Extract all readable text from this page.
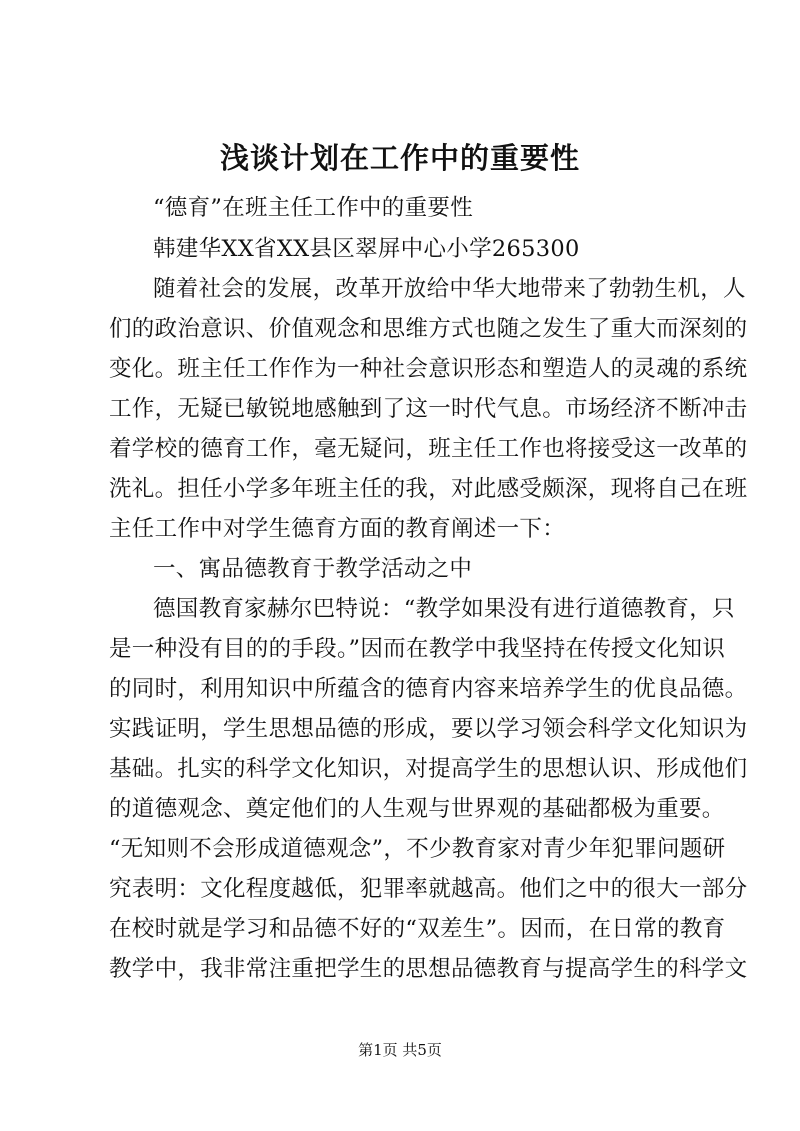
浅谈计划在工作中的重要性
“德育”在班主任工作中的重要性
韩建华XX省XX县区翠屏中心小学265300
随着社会的发展，改革开放给中华大地带来了勃勃生机，人
们的政治意识、价值观念和思维方式也随之发生了重大而深刻的
变化。班主任工作作为一种社会意识形态和塑造人的灵魂的系统
工作，无疑已敏锐地感触到了这一时代气息。市场经济不断冲击
着学校的德育工作，毫无疑问，班主任工作也将接受这一改革的
洗礼。担任小学多年班主任的我，对此感受颇深，现将自己在班
主任工作中对学生德育方面的教育阐述一下：
一、寓品德教育于教学活动之中
德国教育家赫尔巴特说：“教学如果没有进行道德教育，只
是一种没有目的的手段。”因而在教学中我坚持在传授文化知识
的同时，利用知识中所蕴含的德育内容来培养学生的优良品德。
实践证明，学生思想品德的形成，要以学习领会科学文化知识为
基础。扎实的科学文化知识，对提高学生的思想认识、形成他们
的道德观念、奠定他们的人生观与世界观的基础都极为重要。
“无知则不会形成道德观念”，不少教育家对青少年犯罪问题研
究表明：文化程度越低，犯罪率就越高。他们之中的很大一部分
在校时就是学习和品德不好的“双差生”。因而，在日常的教育
教学中，我非常注重把学生的思想品德教育与提高学生的科学文
第1页 共5页
